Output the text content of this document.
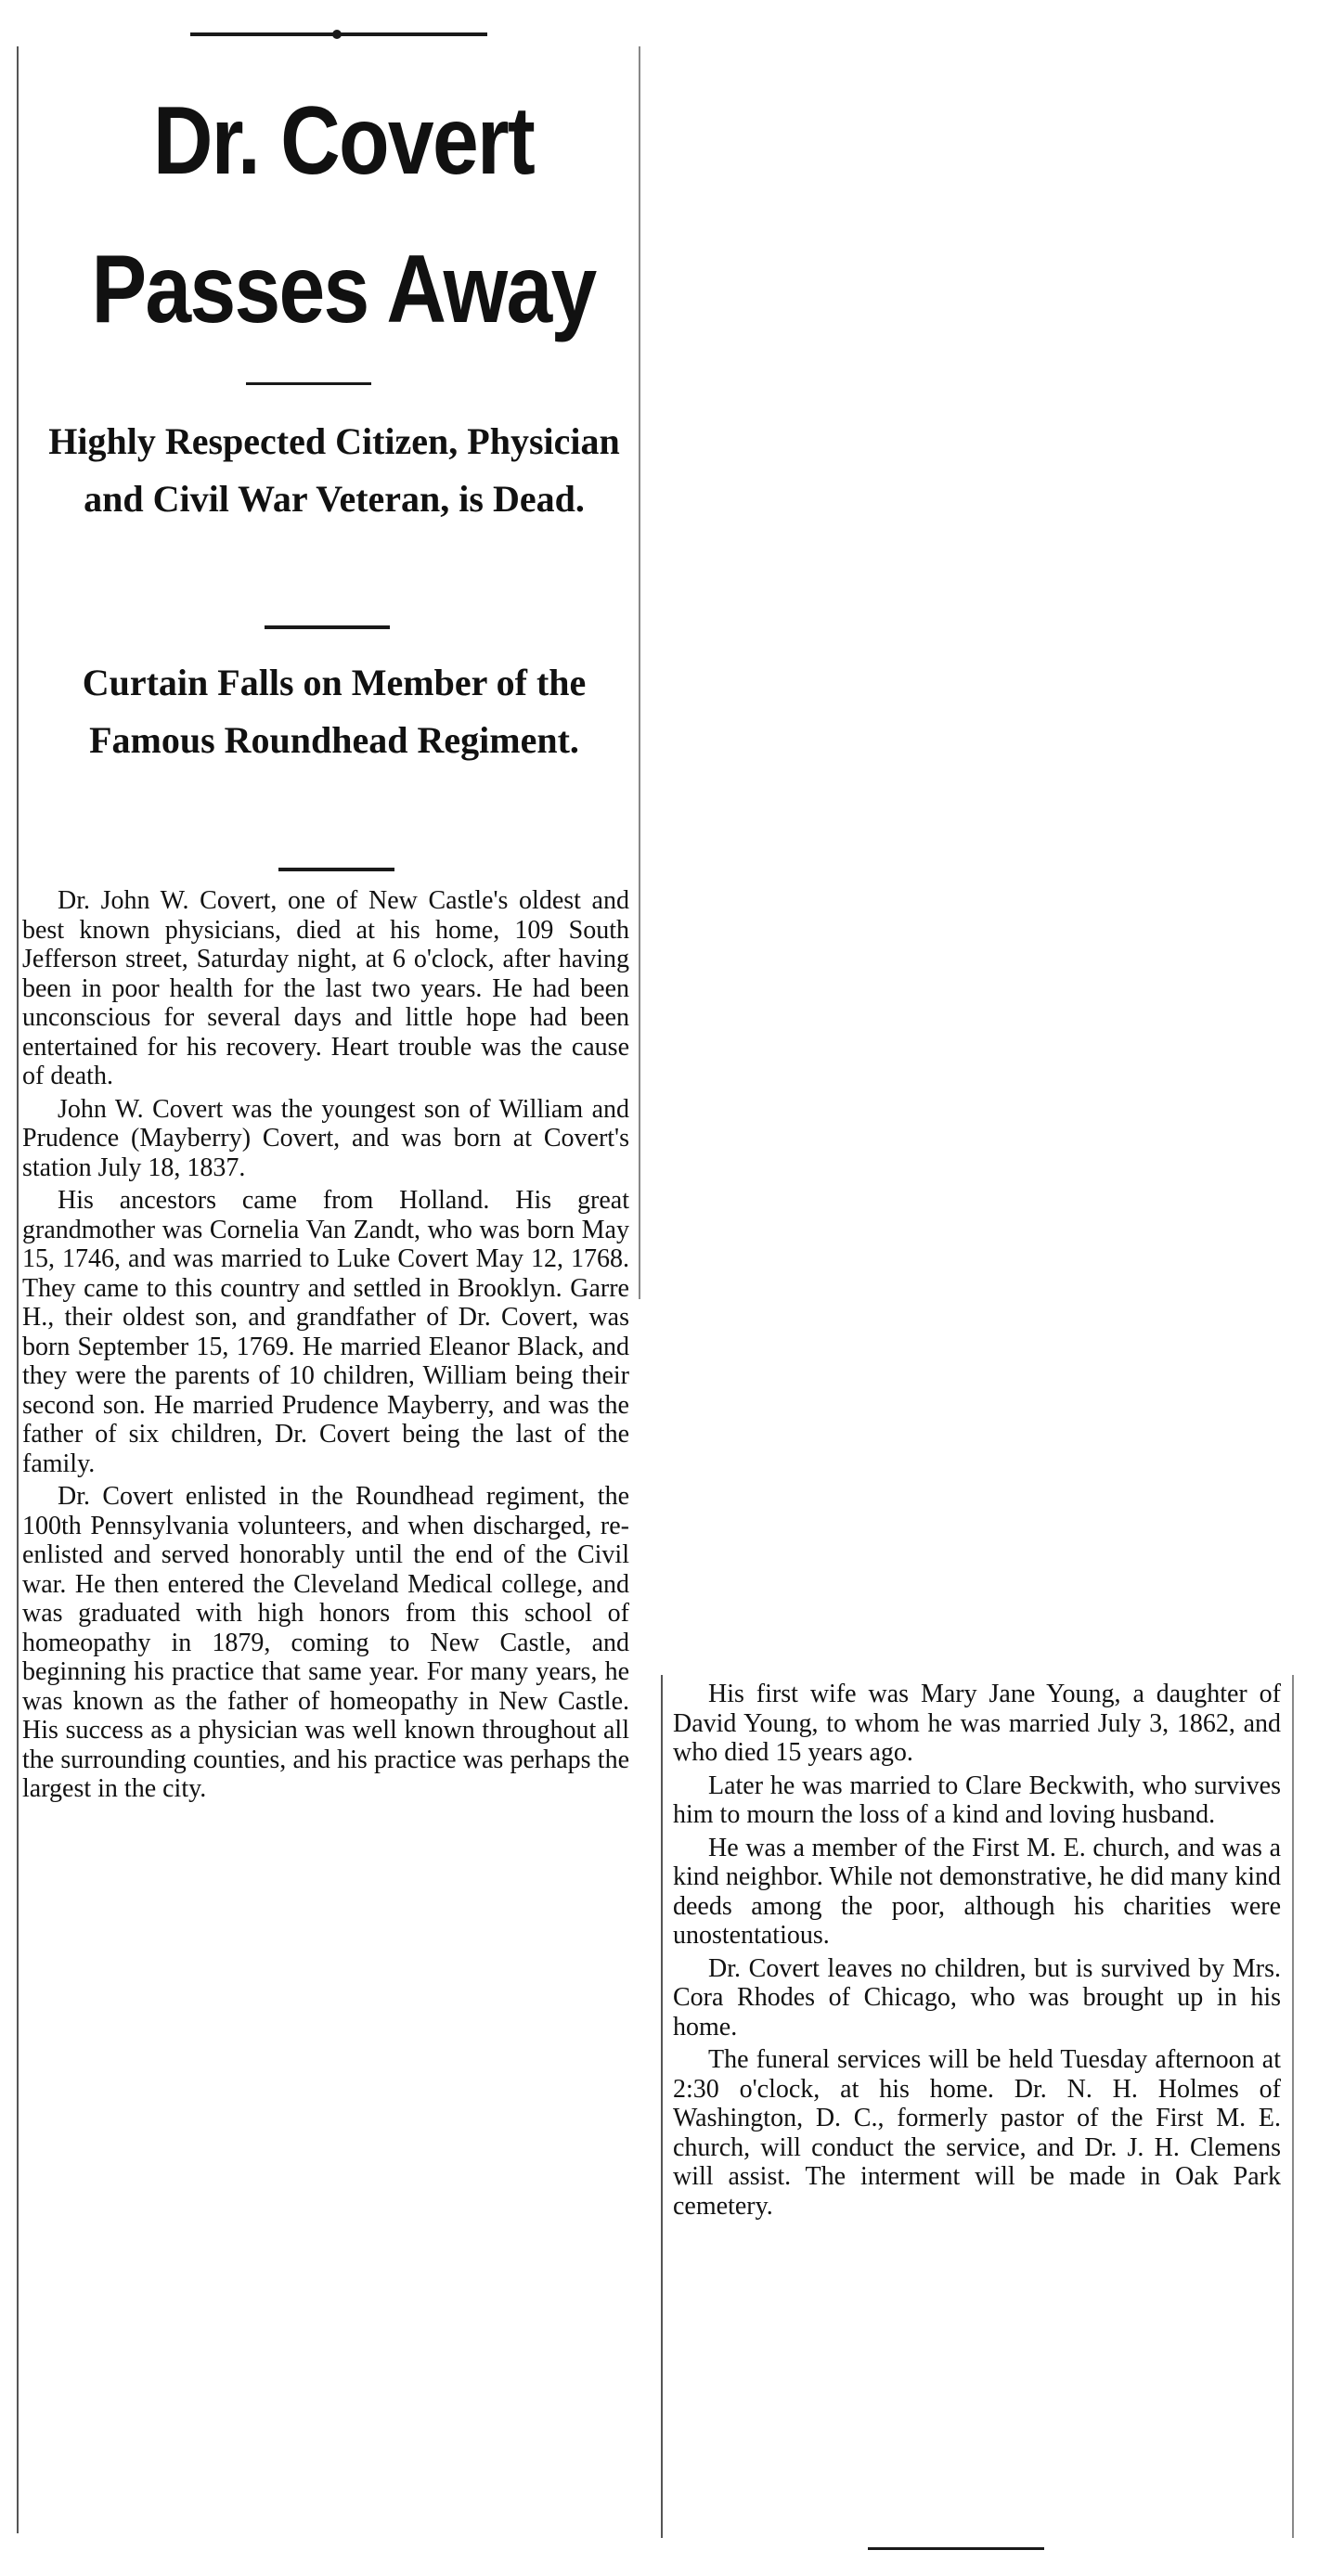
Dr. Covert
Passes Away
Highly Respected Citizen, Physician and Civil War Veteran, is Dead.
Curtain Falls on Member of the Famous Roundhead Regiment.

Dr. John W. Covert, one of New Castle's oldest and best known physicians, died at his home, 109 South Jefferson street, Saturday night, at 6 o'clock, after having been in poor health for the last two years. He had been unconscious for several days and little hope had been entertained for his recovery. Heart trouble was the cause of death.

John W. Covert was the youngest son of William and Prudence (Mayberry) Covert, and was born at Covert's station July 18, 1837.

His ancestors came from Holland. His great grandmother was Cornelia Van Zandt, who was born May 15, 1746, and was married to Luke Covert May 12, 1768. They came to this country and settled in Brooklyn. Garre H., their oldest son, and grandfather of Dr. Covert, was born September 15, 1769. He married Eleanor Black, and they were the parents of 10 children, William being their second son. He married Prudence Mayberry, and was the father of six children, Dr. Covert being the last of the family.

Dr. Covert enlisted in the Roundhead regiment, the 100th Pennsylvania volunteers, and when discharged, re-enlisted and served honorably until the end of the Civil war. He then entered the Cleveland Medical college, and was graduated with high honors from this school of homeopathy in 1879, coming to New Castle, and beginning his practice that same year. For many years, he was known as the father of homeopathy in New Castle. His success as a physician was well known throughout all the surrounding counties, and his practice was perhaps the largest in the city.

His first wife was Mary Jane Young, a daughter of David Young, to whom he was married July 3, 1862, and who died 15 years ago.

Later he was married to Clare Beckwith, who survives him to mourn the loss of a kind and loving husband.

He was a member of the First M. E. church, and was a kind neighbor. While not demonstrative, he did many kind deeds among the poor, although his charities were unostentatious.

Dr. Covert leaves no children, but is survived by Mrs. Cora Rhodes of Chicago, who was brought up in his home.

The funeral services will be held Tuesday afternoon at 2:30 o'clock, at his home. Dr. N. H. Holmes of Washington, D. C., formerly pastor of the First M. E. church, will conduct the service, and Dr. J. H. Clemens will assist. The interment will be made in Oak Park cemetery.
